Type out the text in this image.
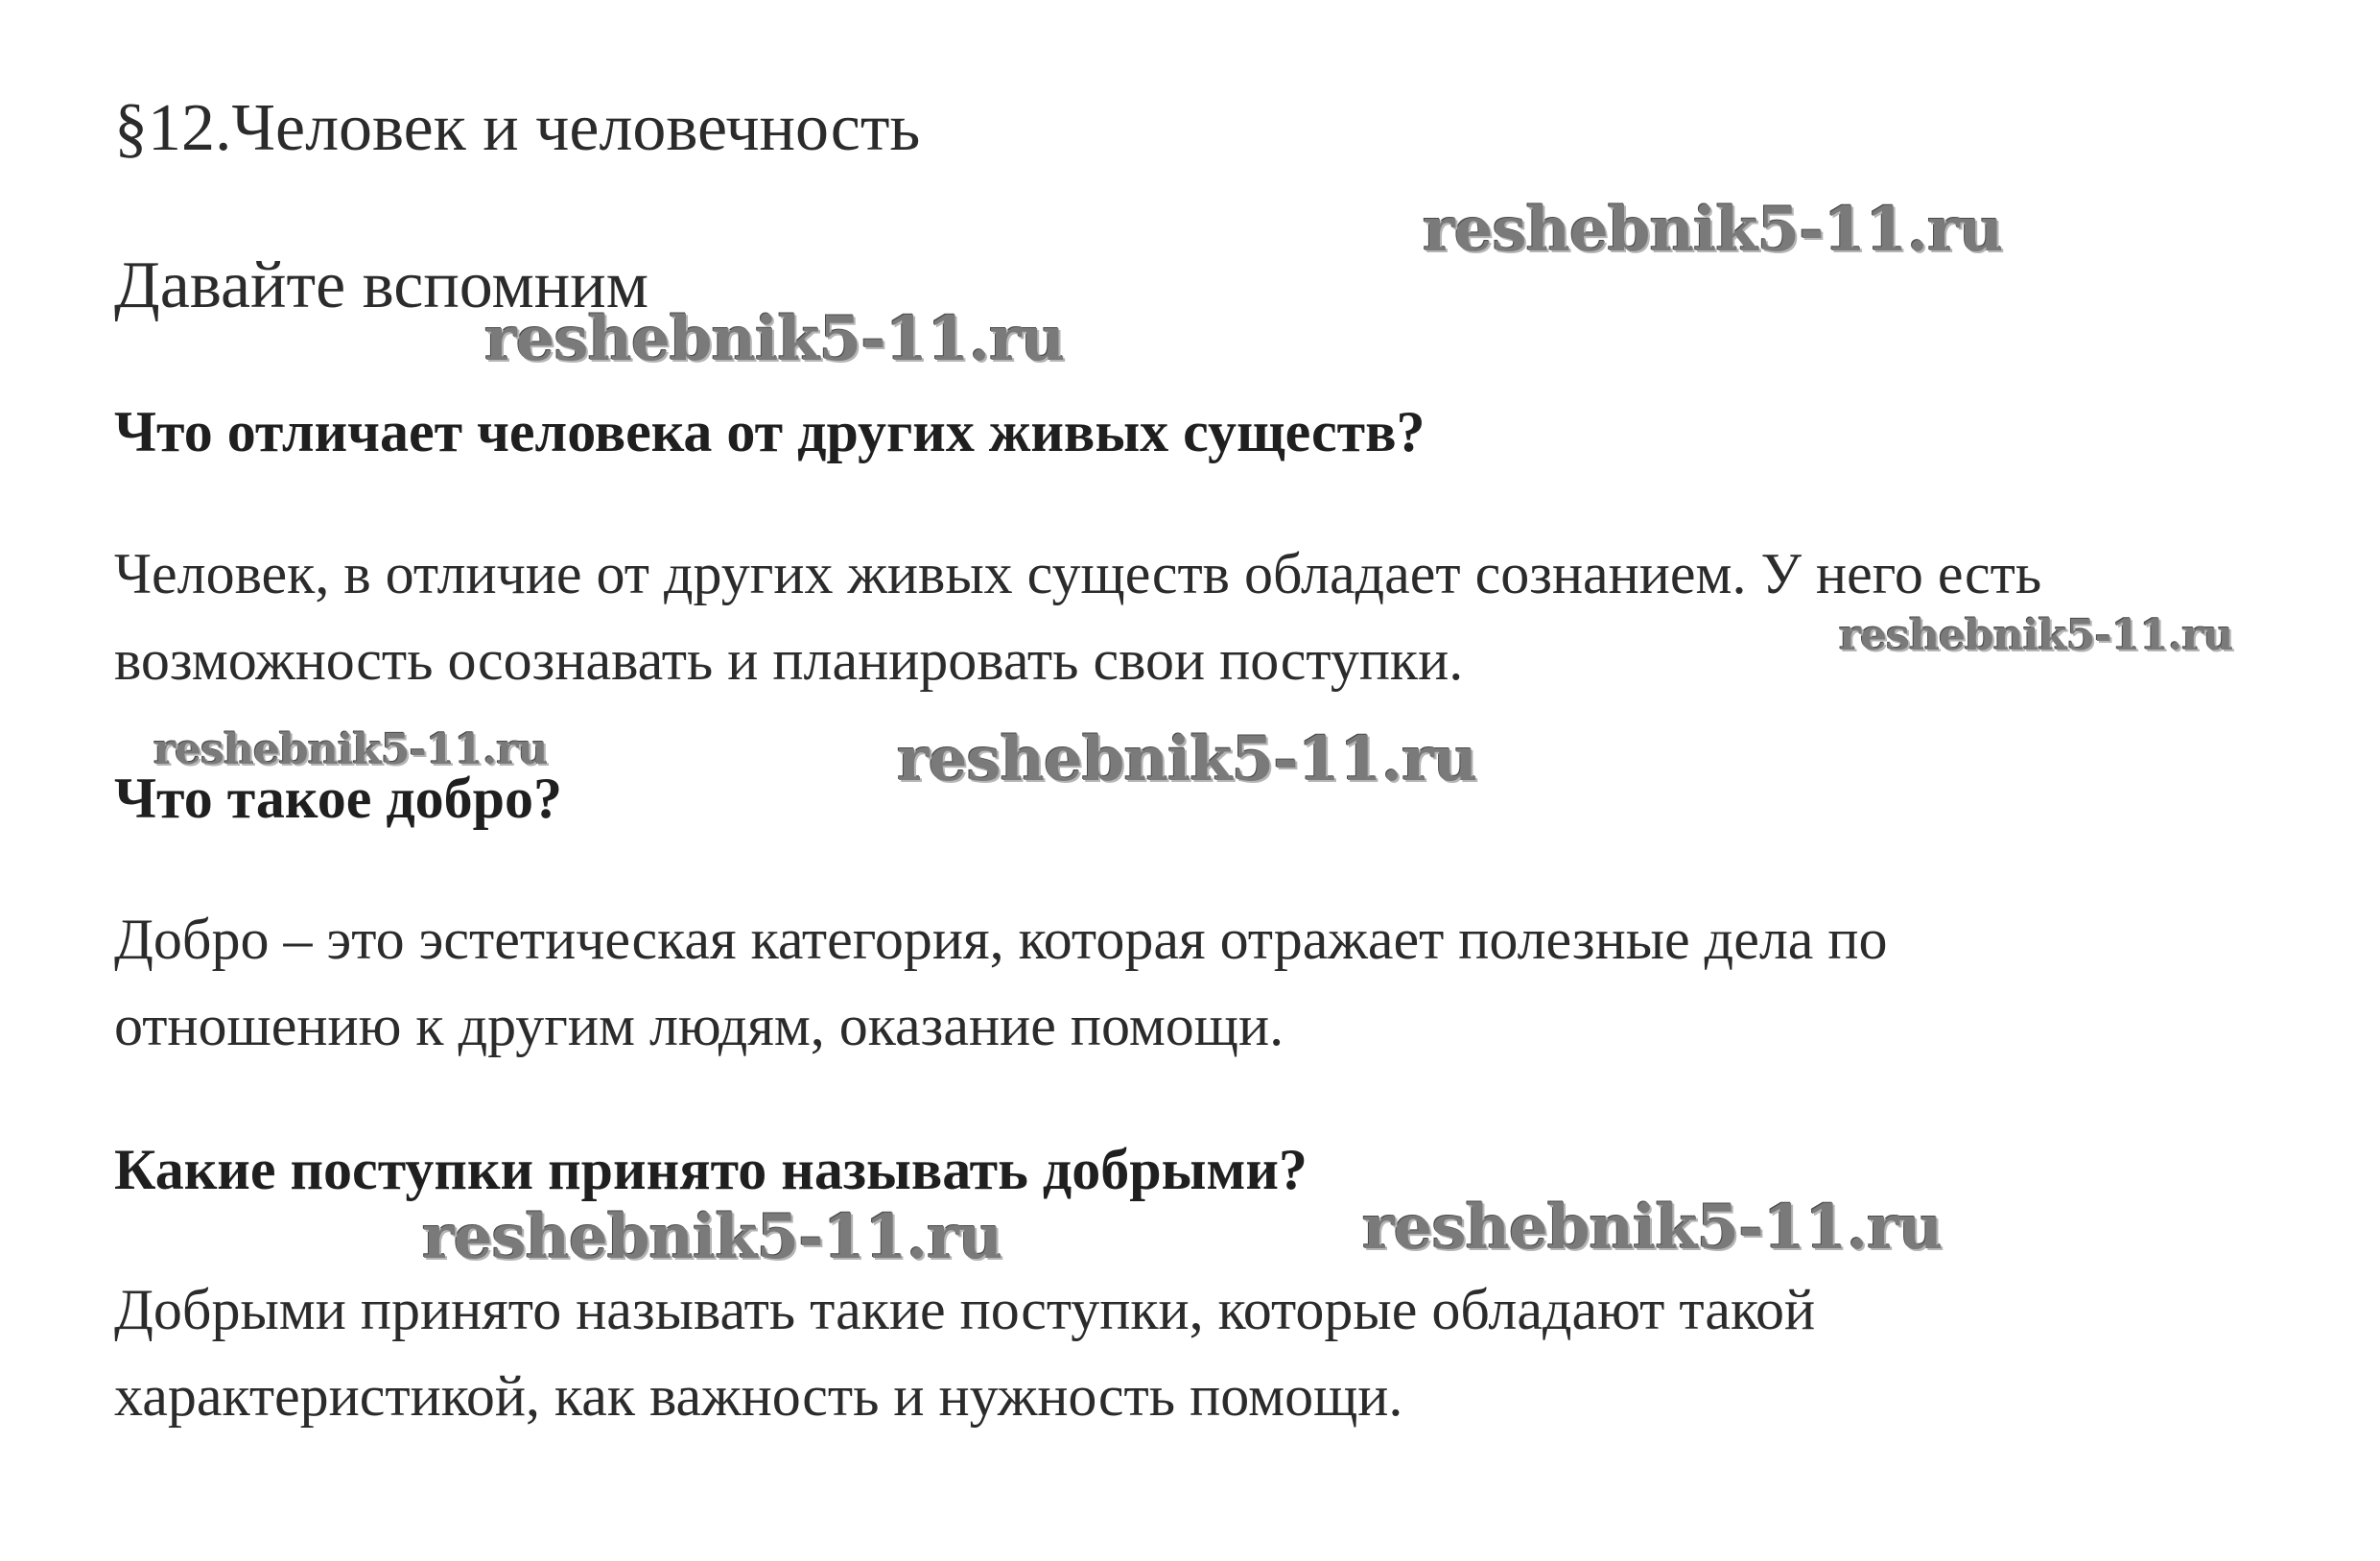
§12.Человек и человечность

Давайте вспомним

Что отличает человека от других живых существ?

Человек, в отличие от других живых существ обладает сознанием. У него есть
возможность осознавать и планировать свои поступки.

Что такое добро?

Добро – это эстетическая категория, которая отражает полезные дела по
отношению к другим людям, оказание помощи.

Какие поступки принято называть добрыми?

Добрыми принято называть такие поступки, которые обладают такой
характеристикой, как важность и нужность помощи.

reshebnik5-11.ru
reshebnik5-11.ru
reshebnik5-11.ru
reshebnik5-11.ru	reshebnik5-11.ru
reshebnik5-11.ru	reshebnik5-11.ru
